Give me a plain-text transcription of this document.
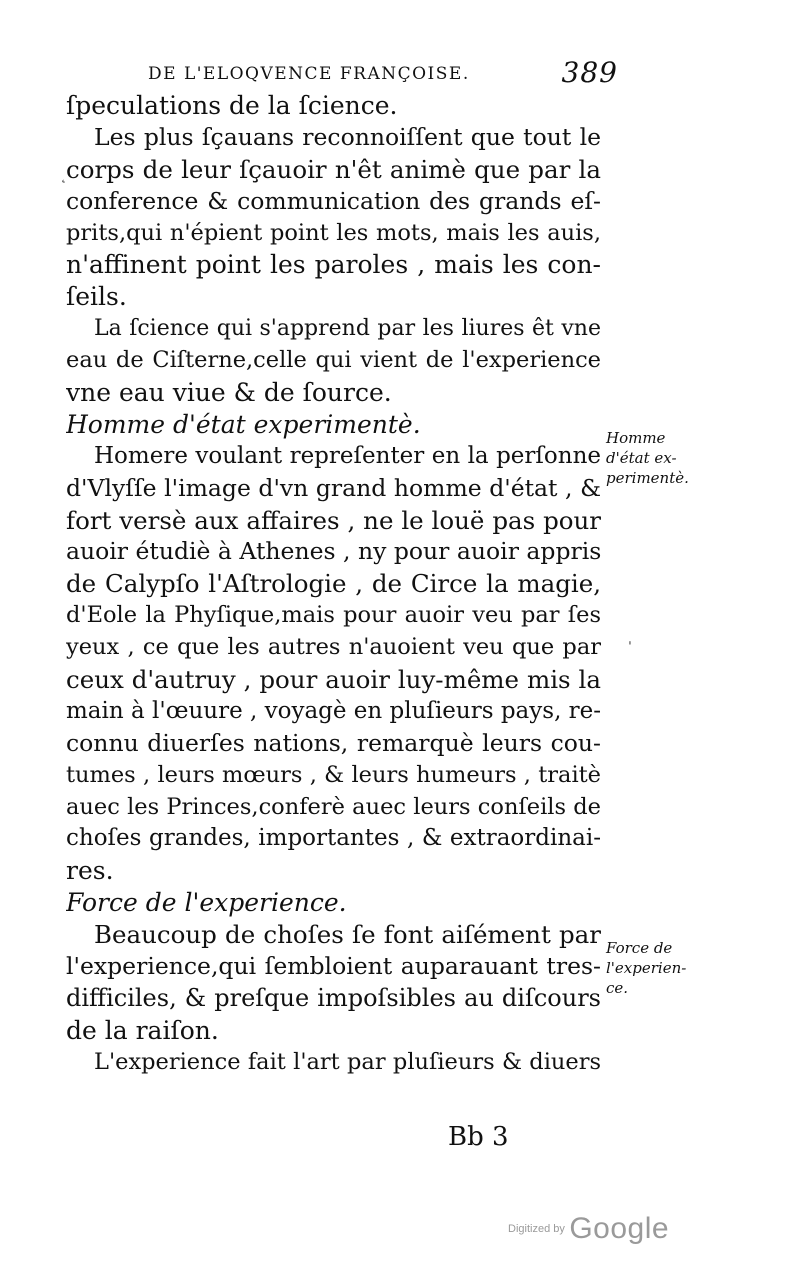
DE L'ELOQVENCE FRANÇOISE.	389
ſpeculations de la ſcience.
Les plus ſçauans reconnoiſſent que tout le
corps de leur ſçauoir n'êt animè que par la
conference & communication des grands eſ-
prits,qui n'épient point les mots, mais les auis,
n'affinent point les paroles , mais les con-
ſeils.
La ſcience qui s'apprend par les liures êt vne
eau de Ciſterne,celle qui vient de l'experience
vne eau viue & de ſource.
Homme d'état experimentè.
Homere voulant repreſenter en la perſonne
d'Vlyſſe l'image d'vn grand homme d'état , &
fort versè aux affaires , ne le louë pas pour
auoir étudiè à Athenes , ny pour auoir appris
de Calypſo l'Aſtrologie , de Circe la magie,
d'Eole la Phyſique,mais pour auoir veu par ſes
yeux , ce que les autres n'auoient veu que par
ceux d'autruy , pour auoir luy-même mis la
main à l'œuure , voyagè en pluſieurs pays, re-
connu diuerſes nations, remarquè leurs cou-
tumes , leurs mœurs , & leurs humeurs , traitè
auec les Princes,conferè auec leurs conſeils de
choſes grandes, importantes , & extraordinai-
res.
Force de l'experience.
Beaucoup de choſes ſe font aiſément par
l'experience,qui ſembloient auparauant tres-
difficiles, & preſque impoſsibles au diſcours
de la raiſon.
L'experience fait l'art par pluſieurs & diuers
Homme
d'état ex-
perimentè.
Force de
l'experien-
ce.
˛
ˈ
Bb 3
Digitized by Google
